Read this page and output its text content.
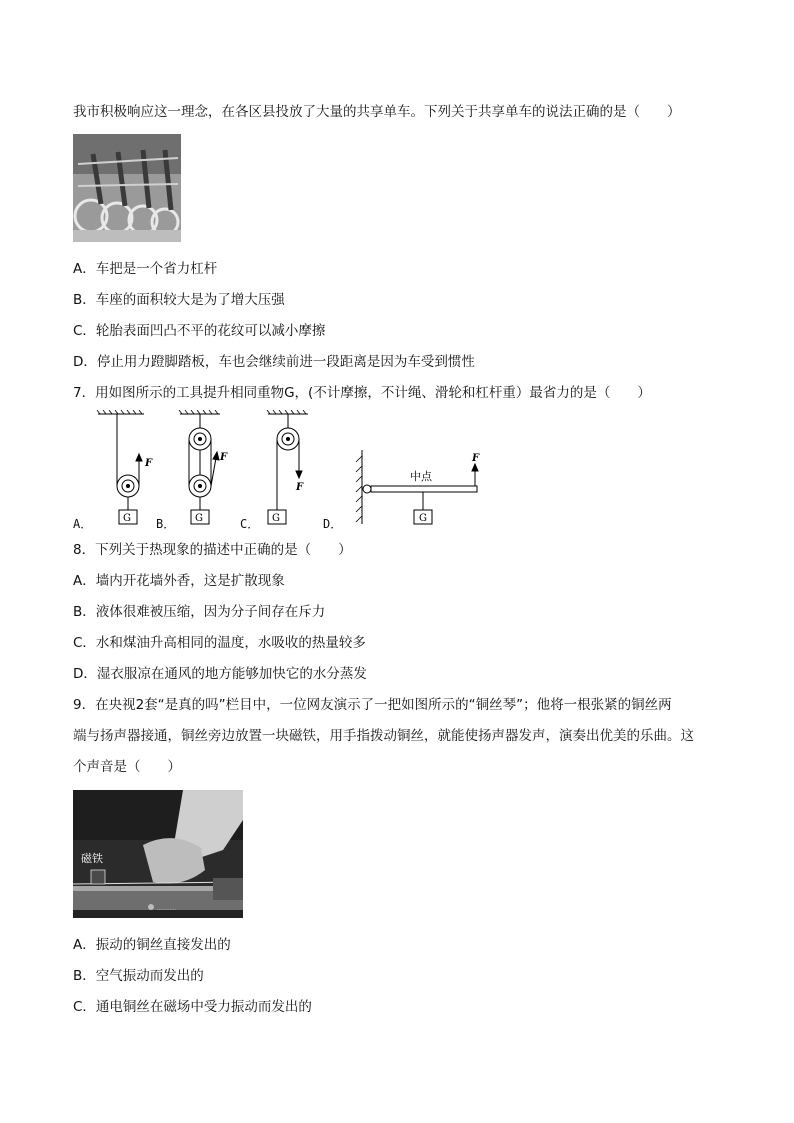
我市积极响应这一理念，在各区县投放了大量的共享单车。下列关于共享单车的说法正确的是（　　）
A．车把是一个省力杠杆
B．车座的面积较大是为了增大压强
C．轮胎表面凹凸不平的花纹可以减小摩擦
D．停止用力蹬脚踏板，车也会继续前进一段距离是因为车受到惯性
7．用如图所示的工具提升相同重物G，(不计摩擦，不计绳、滑轮和杠杆重）最省力的是（　　）
F
G
F
G
F
G
F
中点
G
A．	B．	C．	D．
8．下列关于热现象的描述中正确的是（　　）
A．墙内开花墙外香，这是扩散现象
B．液体很难被压缩，因为分子间存在斥力
C．水和煤油升高相同的温度，水吸收的热量较多
D．湿衣服凉在通风的地方能够加快它的水分蒸发
9．在央视2套“是真的吗”栏目中，一位网友演示了一把如图所示的“铜丝琴”；他将一根张紧的铜丝两
端与扬声器接通，铜丝旁边放置一块磁铁，用手指拨动铜丝，就能使扬声器发声，演奏出优美的乐曲。这
个声音是（　　）
............
磁铁
A．振动的铜丝直接发出的
B．空气振动而发出的
C．通电铜丝在磁场中受力振动而发出的
